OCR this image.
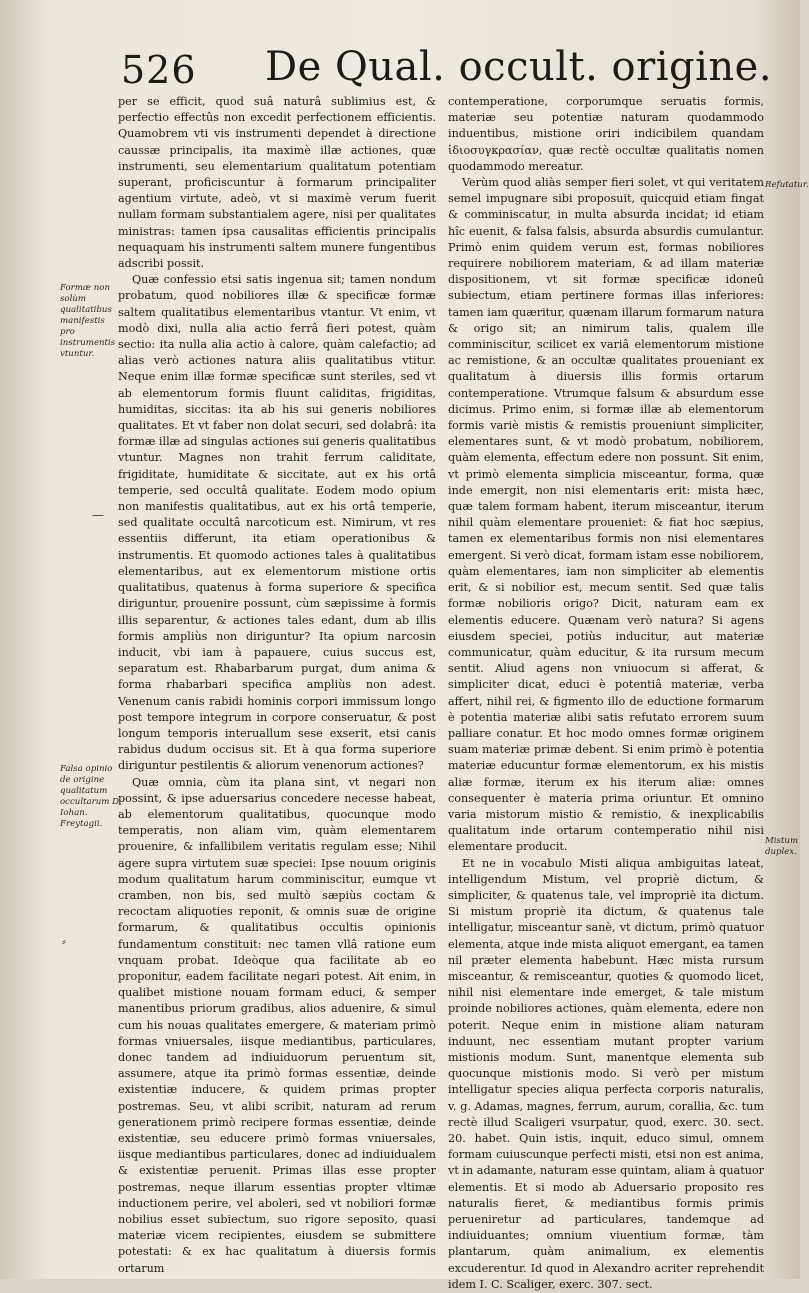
526 De Qual. occult. origine.
Formæ non solùm qualitatibus manifestis pro instrumentis vtuntur.
Falsa opinio de origine qualitatum occultarum D. Iohan. Freytagii.
Refutatur.
Mistum duplex.
—
⸗

per se efficit, quod suâ naturâ sublimius est, & perfectio effectûs non excedit perfectionem efficientis. Quamobrem vti vis instrumenti dependet à directione caussæ principalis, ita maximè illæ actiones, quæ instrumenti, seu elementarium qualitatum potentiam superant, proficiscuntur à formarum principaliter agentium virtute, adeò, vt si maximè verum fuerit nullam formam substantialem agere, nisi per qualitates ministras: tamen ipsa causalitas efficientis principalis nequaquam his instrumenti saltem munere fungentibus adscribi possit.

Quæ confessio etsi satis ingenua sit; tamen nondum probatum, quod nobiliores illæ & specificæ formæ saltem qualitatibus elementaribus vtantur. Vt enim, vt modò dixi, nulla alia actio ferrâ fieri potest, quàm sectio: ita nulla alia actio à calore, quàm calefactio; ad alias verò actiones natura aliis qualitatibus vtitur. Neque enim illæ formæ specificæ sunt steriles, sed vt ab elementorum formis fluunt caliditas, frigiditas, humiditas, siccitas: ita ab his sui generis nobiliores qualitates. Et vt faber non dolat securi, sed dolabrâ: ita formæ illæ ad singulas actiones sui generis qualitatibus vtuntur. Magnes non trahit ferrum caliditate, frigiditate, humiditate & siccitate, aut ex his ortâ temperie, sed occultâ qualitate. Eodem modo opium non manifestis qualitatibus, aut ex his ortâ temperie, sed qualitate occultâ narcoticum est. Nimirum, vt res essentiis differunt, ita etiam operationibus & instrumentis. Et quomodo actiones tales à qualitatibus elementaribus, aut ex elementorum mistione ortis qualitatibus, quatenus à forma superiore & specifica diriguntur, prouenire possunt, cùm sæpissime à formis illis separentur, & actiones tales edant, dum ab illis formis ampliùs non diriguntur? Ita opium narcosin inducit, vbi iam à papauere, cuius succus est, separatum est. Rhabarbarum purgat, dum anima & forma rhabarbari specifica ampliùs non adest. Venenum canis rabidi hominis corpori immissum longo post tempore integrum in corpore conseruatur, & post longum temporis interuallum sese exserit, etsi canis rabidus dudum occisus sit. Et à qua forma superiore diriguntur pestilentis & aliorum venenorum actiones?

Quæ omnia, cùm ita plana sint, vt negari non possint, & ipse aduersarius concedere necesse habeat, ab elementorum qualitatibus, quocunque modo temperatis, non aliam vim, quàm elementarem prouenire, & infallibilem veritatis regulam esse; Nihil agere supra virtutem suæ speciei: Ipse nouum originis modum qualitatum harum comminiscitur, eumque vt cramben, non bis, sed multò sæpiùs coctam & recoctam aliquoties reponit, & omnis suæ de origine formarum, & qualitatibus occultis opinionis fundamentum constituit: nec tamen vllâ ratione eum vnquam probat. Ideòque qua facilitate ab eo proponitur, eadem facilitate negari potest. Ait enim, in qualibet mistione nouam formam educi, & semper manentibus priorum gradibus, alios aduenire, & simul cum his nouas qualitates emergere, & materiam primò formas vniuersales, iisque mediantibus, particulares, donec tandem ad indiuiduorum peruentum sit, assumere, atque ita primò formas essentiæ, deinde existentiæ inducere, & quidem primas propter postremas. Seu, vt alibi scribit, naturam ad rerum generationem primò recipere formas essentiæ, deinde existentiæ, seu educere primò formas vniuersales, iisque mediantibus particulares, donec ad indiuidualem & existentiæ peruenit. Primas illas esse propter postremas, neque illarum essentias propter vltimæ inductionem perire, vel aboleri, sed vt nobiliori formæ nobilius esset subiectum, suo rigore seposito, quasi materiæ vicem recipientes, eiusdem se submittere potestati: & ex hac qualitatum à diuersis formis ortarum

contemperatione, corporumque seruatis formis, materiæ seu potentiæ naturam quodammodo induentibus, mistione oriri indicibilem quandam ἰδιοσυγκρασίαν, quæ rectè occultæ qualitatis nomen quodammodo mereatur.

Verùm quod aliàs semper fieri solet, vt qui veritatem semel impugnare sibi proposuit, quicquid etiam fingat & comminiscatur, in multa absurda incidat; id etiam hîc euenit, & falsa falsis, absurda absurdis cumulantur. Primò enim quidem verum est, formas nobiliores requirere nobiliorem materiam, & ad illam materiæ dispositionem, vt sit formæ specificæ idoneû subiectum, etiam pertinere formas illas inferiores: tamen iam quæritur, quænam illarum formarum natura & origo sit; an nimirum talis, qualem ille comminiscitur, scilicet ex variâ elementorum mistione ac remistione, & an occultæ qualitates proueniant ex qualitatum à diuersis illis formis ortarum contemperatione. Vtrumque falsum & absurdum esse dicimus. Primo enim, si formæ illæ ab elementorum formis variè mistis & remistis proueniunt simpliciter, elementares sunt, & vt modò probatum, nobiliorem, quàm elementa, effectum edere non possunt. Sit enim, vt primò elementa simplicia misceantur, forma, quæ inde emergit, non nisi elementaris erit: mista hæc, quæ talem formam habent, iterum misceantur, iterum nihil quàm elementare proueniet: & fiat hoc sæpius, tamen ex elementaribus formis non nisi elementares emergent. Si verò dicat, formam istam esse nobiliorem, quàm elementares, iam non simpliciter ab elementis erit, & si nobilior est, mecum sentit. Sed quæ talis formæ nobilioris origo? Dicit, naturam eam ex elementis educere. Quænam verò natura? Si agens eiusdem speciei, potiùs inducitur, aut materiæ communicatur, quàm educitur, & ita rursum mecum sentit. Aliud agens non vniuocum si afferat, & simpliciter dicat, educi è potentiâ materiæ, verba affert, nihil rei, & figmento illo de eductione formarum è potentia materiæ alibi satis refutato errorem suum palliare conatur. Et hoc modo omnes formæ originem suam materiæ primæ debent. Si enim primò è potentia materiæ educuntur formæ elementorum, ex his mistis aliæ formæ, iterum ex his iterum aliæ: omnes consequenter è materia prima oriuntur. Et omnino varia mistorum mistio & remistio, & inexplicabilis qualitatum inde ortarum contemperatio nihil nisi elementare producit.

Et ne in vocabulo Misti aliqua ambiguitas lateat, intelligendum Mistum, vel propriè dictum, & simpliciter, & quatenus tale, vel impropriè ita dictum. Si mistum propriè ita dictum, & quatenus tale intelligatur, misceantur sanè, vt dictum, primò quatuor elementa, atque inde mista aliquot emergant, ea tamen nil præter elementa habebunt. Hæc mista rursum misceantur, & remisceantur, quoties & quomodo licet, nihil nisi elementare inde emerget, & tale mistum proinde nobiliores actiones, quàm elementa, edere non poterit. Neque enim in mistione aliam naturam induunt, nec essentiam mutant propter varium mistionis modum. Sunt, manentque elementa sub quocunque mistionis modo. Si verò per mistum intelligatur species aliqua perfecta corporis naturalis, v. g. Adamas, magnes, ferrum, aurum, corallia, &c. tum rectè illud Scaligeri vsurpatur, quod, exerc. 30. sect. 20. habet. Quin istis, inquit, educo simul, omnem formam cuiuscunque perfecti misti, etsi non est anima, vt in adamante, naturam esse quintam, aliam à quatuor elementis. Et si modo ab Aduersario proposito res naturalis fieret, & mediantibus formis primis perueniretur ad particulares, tandemque ad indiuiduantes; omnium viuentium formæ, tàm plantarum, quàm animalium, ex elementis excuderentur. Id quod in Alexandro acriter reprehendit idem I. C. Scaliger, exerc. 307. sect.
